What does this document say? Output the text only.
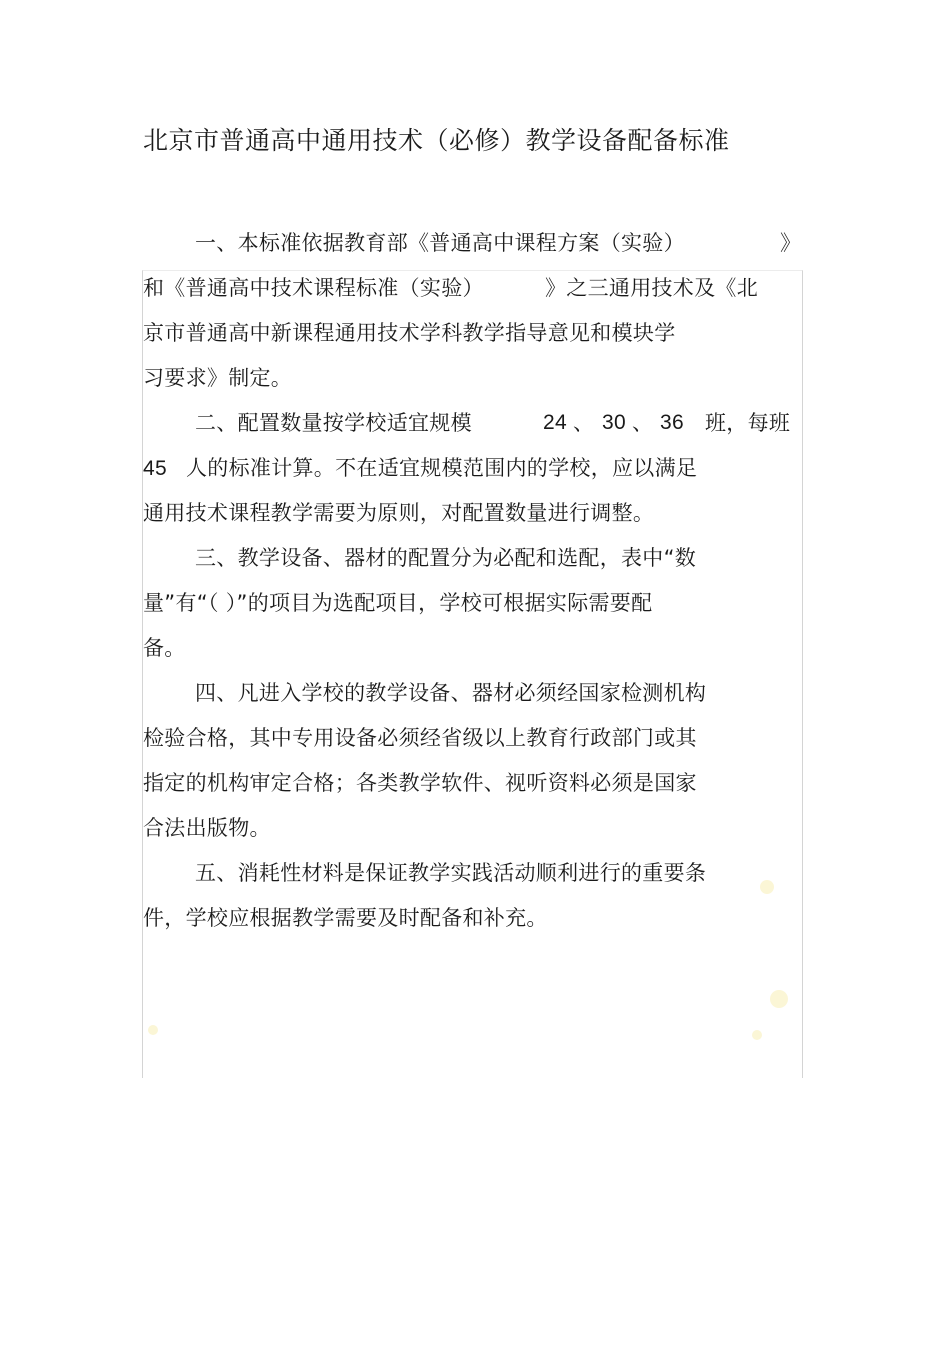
北京市普通高中通用技术（必修）教学设备配备标准
一、本标准依据教育部《普通高中课程方案（实验）	》
和《普通高中技术课程标准（实验）	》之三通用技术及《北
京市普通高中新课程通用技术学科教学指导意见和模块学
习要求》制定。
二、配置数量按学校适宜规模	24 、 30 、 36 班，每班
45 人的标准计算。不在适宜规模范围内的学校，应以满足
通用技术课程教学需要为原则，对配置数量进行调整。
三、教学设备、器材的配置分为必配和选配，表中“数
量”有“（ ）”的项目为选配项目，学校可根据实际需要配
备。
四、凡进入学校的教学设备、器材必须经国家检测机构
检验合格，其中专用设备必须经省级以上教育行政部门或其
指定的机构审定合格；各类教学软件、视听资料必须是国家
合法出版物。
五、消耗性材料是保证教学实践活动顺利进行的重要条
件，学校应根据教学需要及时配备和补充。
